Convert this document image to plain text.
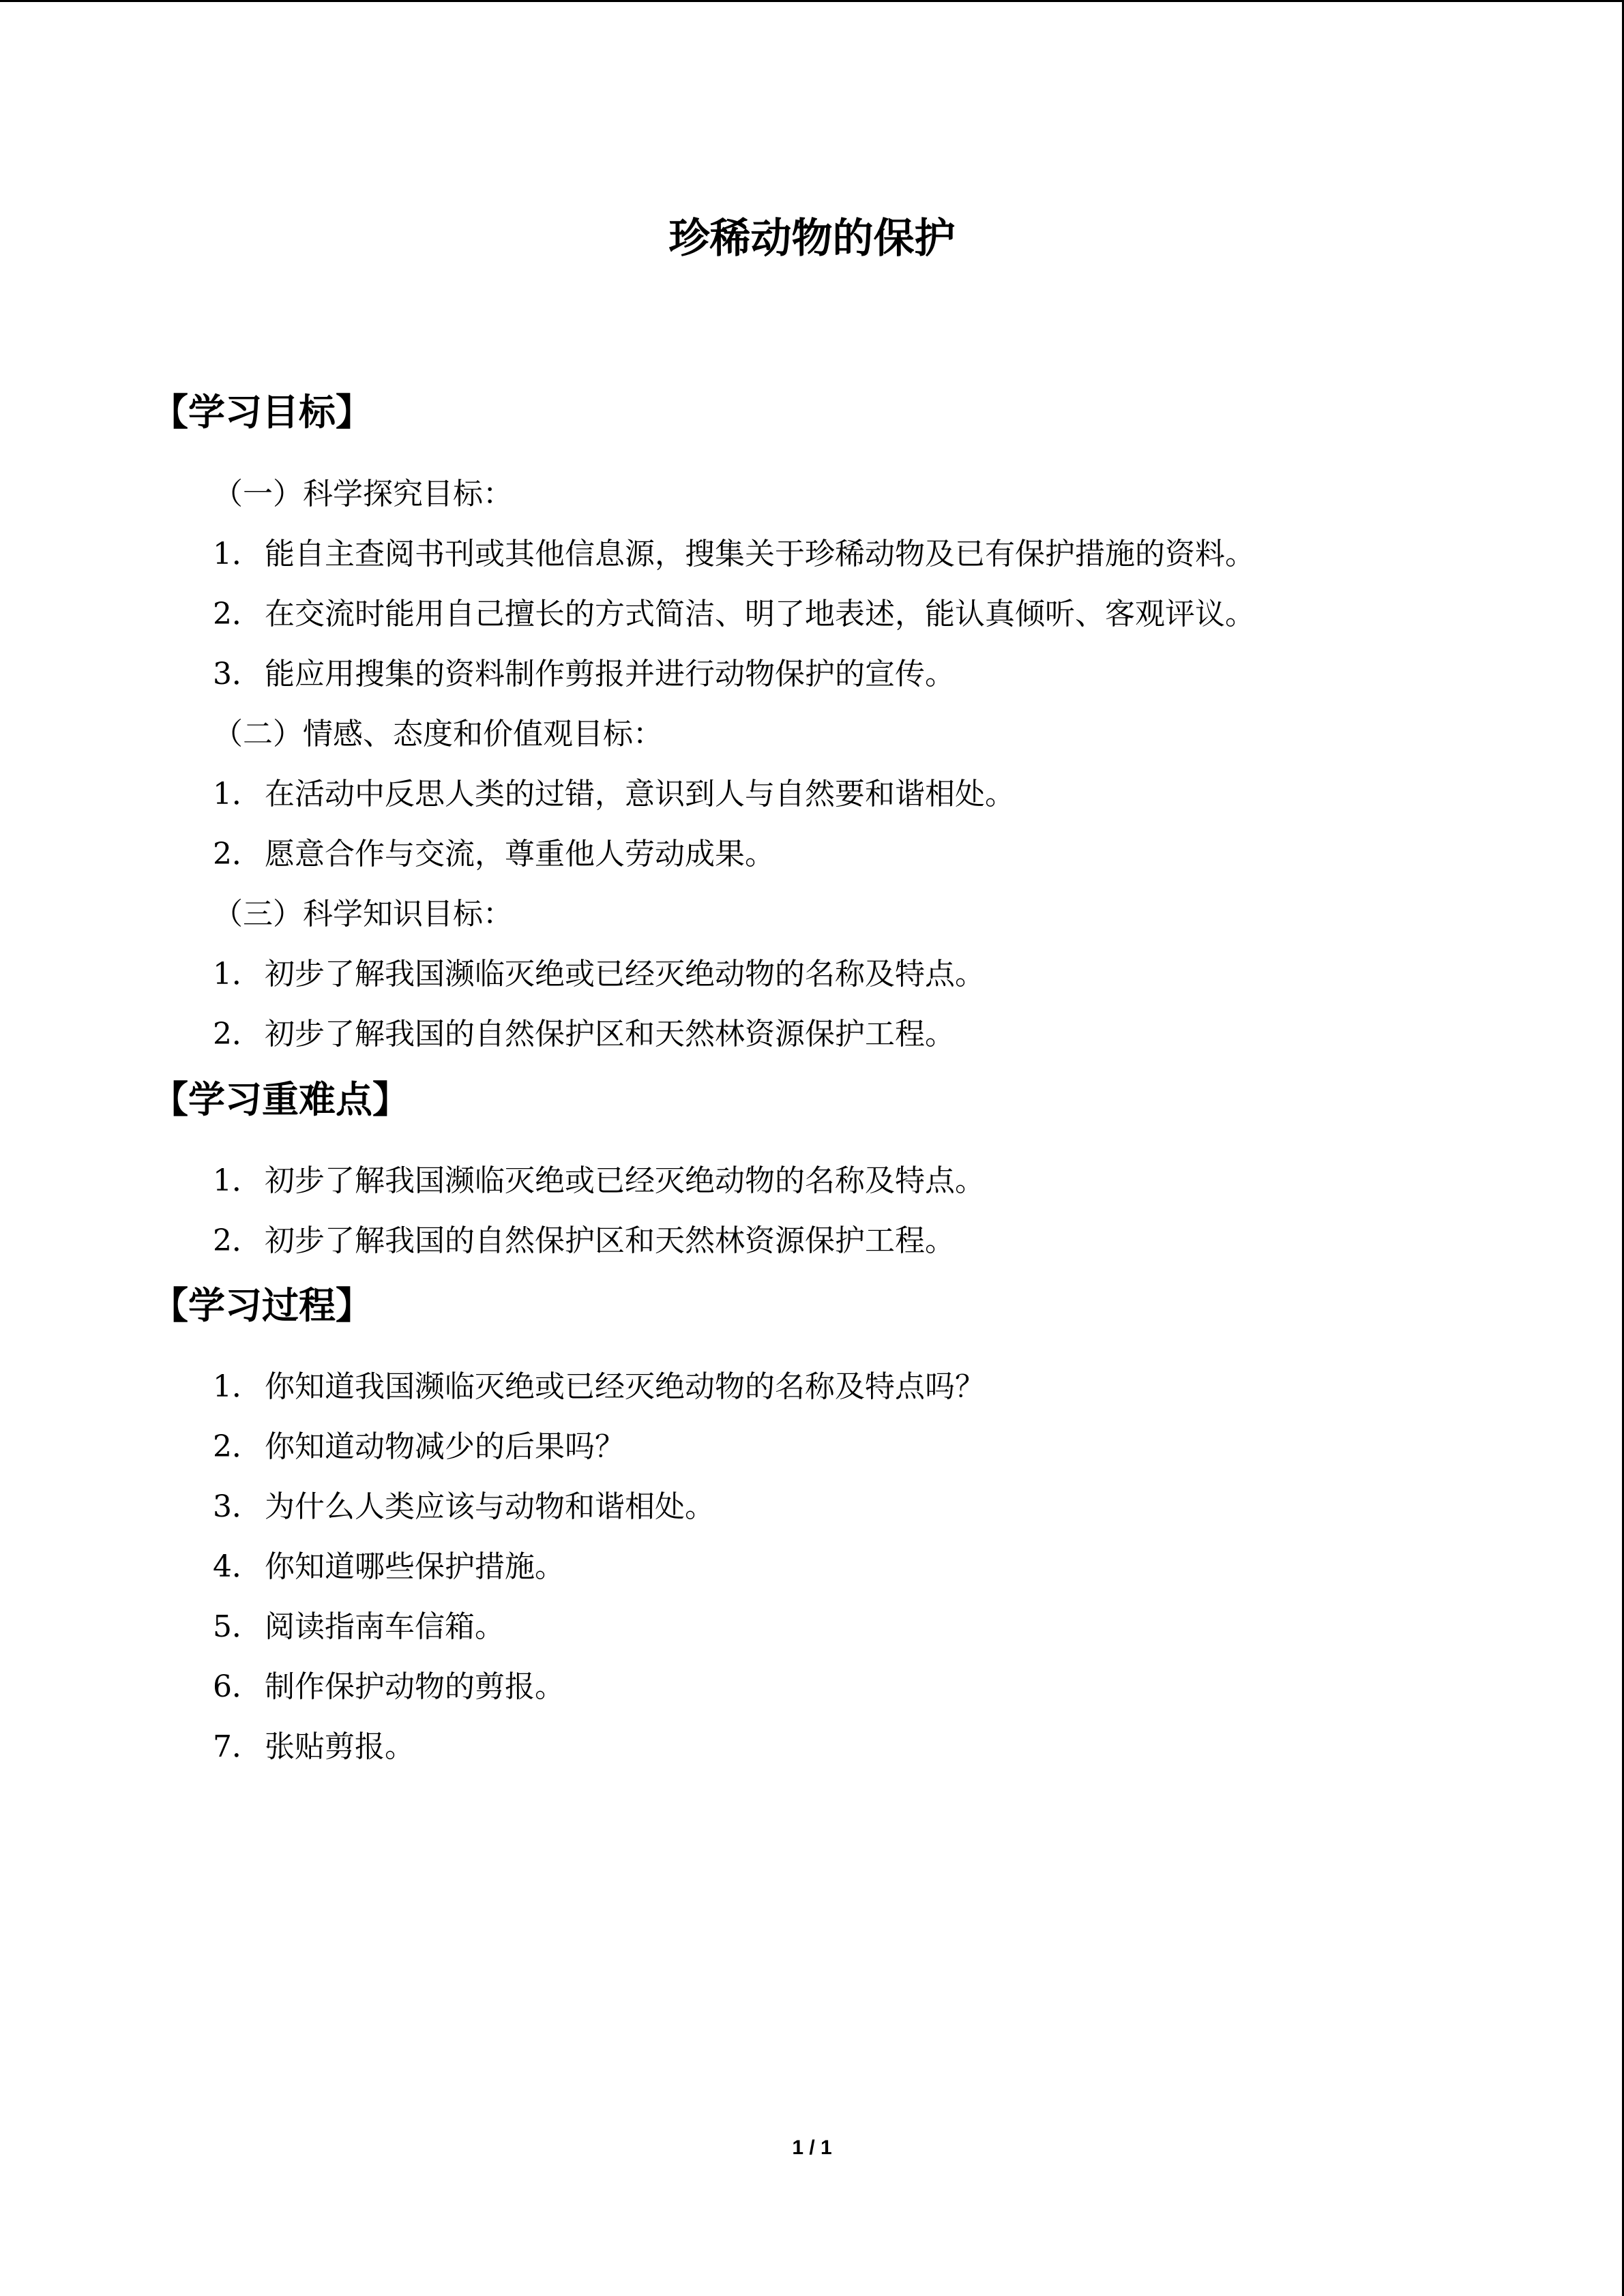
珍稀动物的保护
【学习目标】
（一）科学探究目标：
1．能自主查阅书刊或其他信息源，搜集关于珍稀动物及已有保护措施的资料。
2．在交流时能用自己擅长的方式简洁、明了地表述，能认真倾听、客观评议。
3．能应用搜集的资料制作剪报并进行动物保护的宣传。
（二）情感、态度和价值观目标：
1．在活动中反思人类的过错，意识到人与自然要和谐相处。
2．愿意合作与交流，尊重他人劳动成果。
（三）科学知识目标：
1．初步了解我国濒临灭绝或已经灭绝动物的名称及特点。
2．初步了解我国的自然保护区和天然林资源保护工程。
【学习重难点】
1．初步了解我国濒临灭绝或已经灭绝动物的名称及特点。
2．初步了解我国的自然保护区和天然林资源保护工程。
【学习过程】
1．你知道我国濒临灭绝或已经灭绝动物的名称及特点吗？
2．你知道动物减少的后果吗？
3．为什么人类应该与动物和谐相处。
4．你知道哪些保护措施。
5．阅读指南车信箱。
6．制作保护动物的剪报。
7．张贴剪报。
1 / 1
